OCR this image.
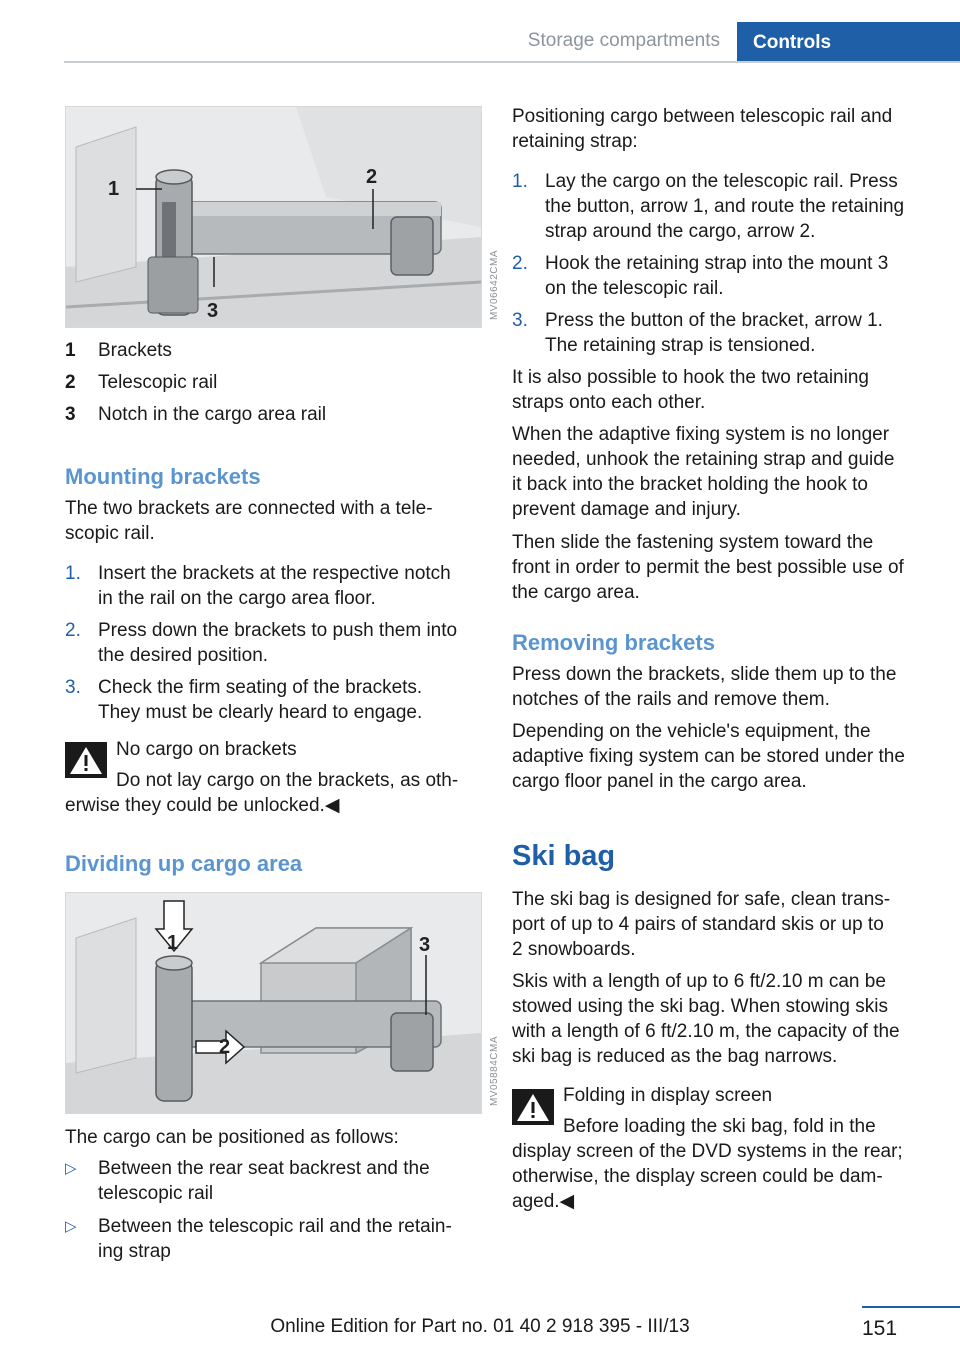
Storage compartments	Controls
1
2
3	MV06642CMA
1 Brackets
2 Telescopic rail
3 Notch in the cargo area rail
Mounting brackets

The two brackets are connected with a tele‐

scopic rail.

1. Insert the brackets at the respective notch
in the rail on the cargo area floor.
2. Press down the brackets to push them into
the desired position.
3. Check the firm seating of the brackets.
They must be clearly heard to engage.

No cargo on brackets

Do not lay cargo on the brackets, as oth‐

erwise they could be unlocked.◀

Dividing up cargo area
1
2
3
MV05884CMA

The cargo can be positioned as follows:

▷ Between the rear seat backrest and the
telescopic rail
▷ Between the telescopic rail and the retain‐
ing strap

Positioning cargo between telescopic rail and

retaining strap:

1. Lay the cargo on the telescopic rail. Press
the button, arrow 1, and route the retaining
strap around the cargo, arrow 2.
2. Hook the retaining strap into the mount 3
on the telescopic rail.
3. Press the button of the bracket, arrow 1.
The retaining strap is tensioned.

It is also possible to hook the two retaining

straps onto each other.

When the adaptive fixing system is no longer

needed, unhook the retaining strap and guide

it back into the bracket holding the hook to

prevent damage and injury.

Then slide the fastening system toward the

front in order to permit the best possible use of

the cargo area.

Removing brackets

Press down the brackets, slide them up to the

notches of the rails and remove them.

Depending on the vehicle's equipment, the

adaptive fixing system can be stored under the

cargo floor panel in the cargo area.

Ski bag

The ski bag is designed for safe, clean trans‐

port of up to 4 pairs of standard skis or up to

2 snowboards.

Skis with a length of up to 6 ft/2.10 m can be

stowed using the ski bag. When stowing skis

with a length of 6 ft/2.10 m, the capacity of the

ski bag is reduced as the bag narrows.

Folding in display screen

Before loading the ski bag, fold in the

display screen of the DVD systems in the rear;

otherwise, the display screen could be dam‐

aged.◀

151
Online Edition for Part no. 01 40 2 918 395 - III/13
